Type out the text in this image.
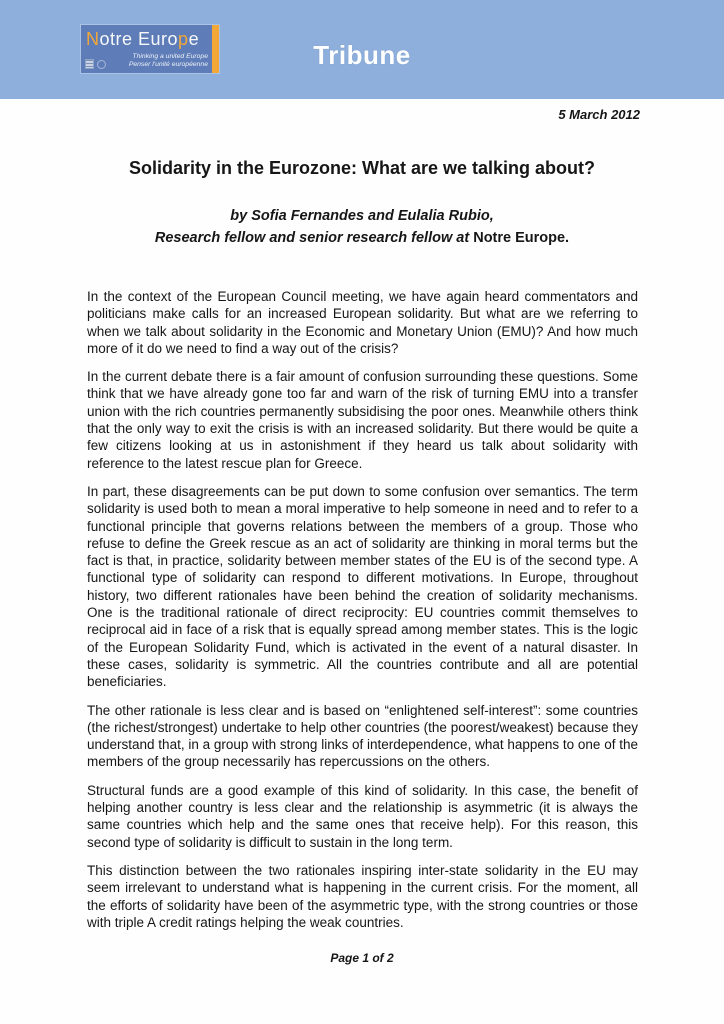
Notre Europe
Thinking a united Europe
Penser l'unité européenne	Tribune
5 March 2012
Solidarity in the Eurozone: What are we talking about?
by Sofia Fernandes and Eulalia Rubio,
Research fellow and senior research fellow at Notre Europe.

In the context of the European Council meeting, we have again heard commentators and politicians make calls for an increased European solidarity. But what are we referring to when we talk about solidarity in the Economic and Monetary Union (EMU)? And how much more of it do we need to find a way out of the crisis?

In the current debate there is a fair amount of confusion surrounding these questions. Some think that we have already gone too far and warn of the risk of turning EMU into a transfer union with the rich countries permanently subsidising the poor ones. Meanwhile others think that the only way to exit the crisis is with an increased solidarity. But there would be quite a few citizens looking at us in astonishment if they heard us talk about solidarity with reference to the latest rescue plan for Greece.

In part, these disagreements can be put down to some confusion over semantics. The term solidarity is used both to mean a moral imperative to help someone in need and to refer to a functional principle that governs relations between the members of a group. Those who refuse to define the Greek rescue as an act of solidarity are thinking in moral terms but the fact is that, in practice, solidarity between member states of the EU is of the second type. A functional type of solidarity can respond to different motivations. In Europe, throughout history, two different rationales have been behind the creation of solidarity mechanisms. One is the traditional rationale of direct reciprocity: EU countries commit themselves to reciprocal aid in face of a risk that is equally spread among member states. This is the logic of the European Solidarity Fund, which is activated in the event of a natural disaster. In these cases, solidarity is symmetric. All the countries contribute and all are potential beneficiaries.

The other rationale is less clear and is based on “enlightened self-interest”: some countries (the richest/strongest) undertake to help other countries (the poorest/weakest) because they understand that, in a group with strong links of interdependence, what happens to one of the members of the group necessarily has repercussions on the others.

Structural funds are a good example of this kind of solidarity. In this case, the benefit of helping another country is less clear and the relationship is asymmetric (it is always the same countries which help and the same ones that receive help). For this reason, this second type of solidarity is difficult to sustain in the long term.

This distinction between the two rationales inspiring inter-state solidarity in the EU may seem irrelevant to understand what is happening in the current crisis. For the moment, all the efforts of solidarity have been of the asymmetric type, with the strong countries or those with triple A credit ratings helping the weak countries.

Page 1 of 2
